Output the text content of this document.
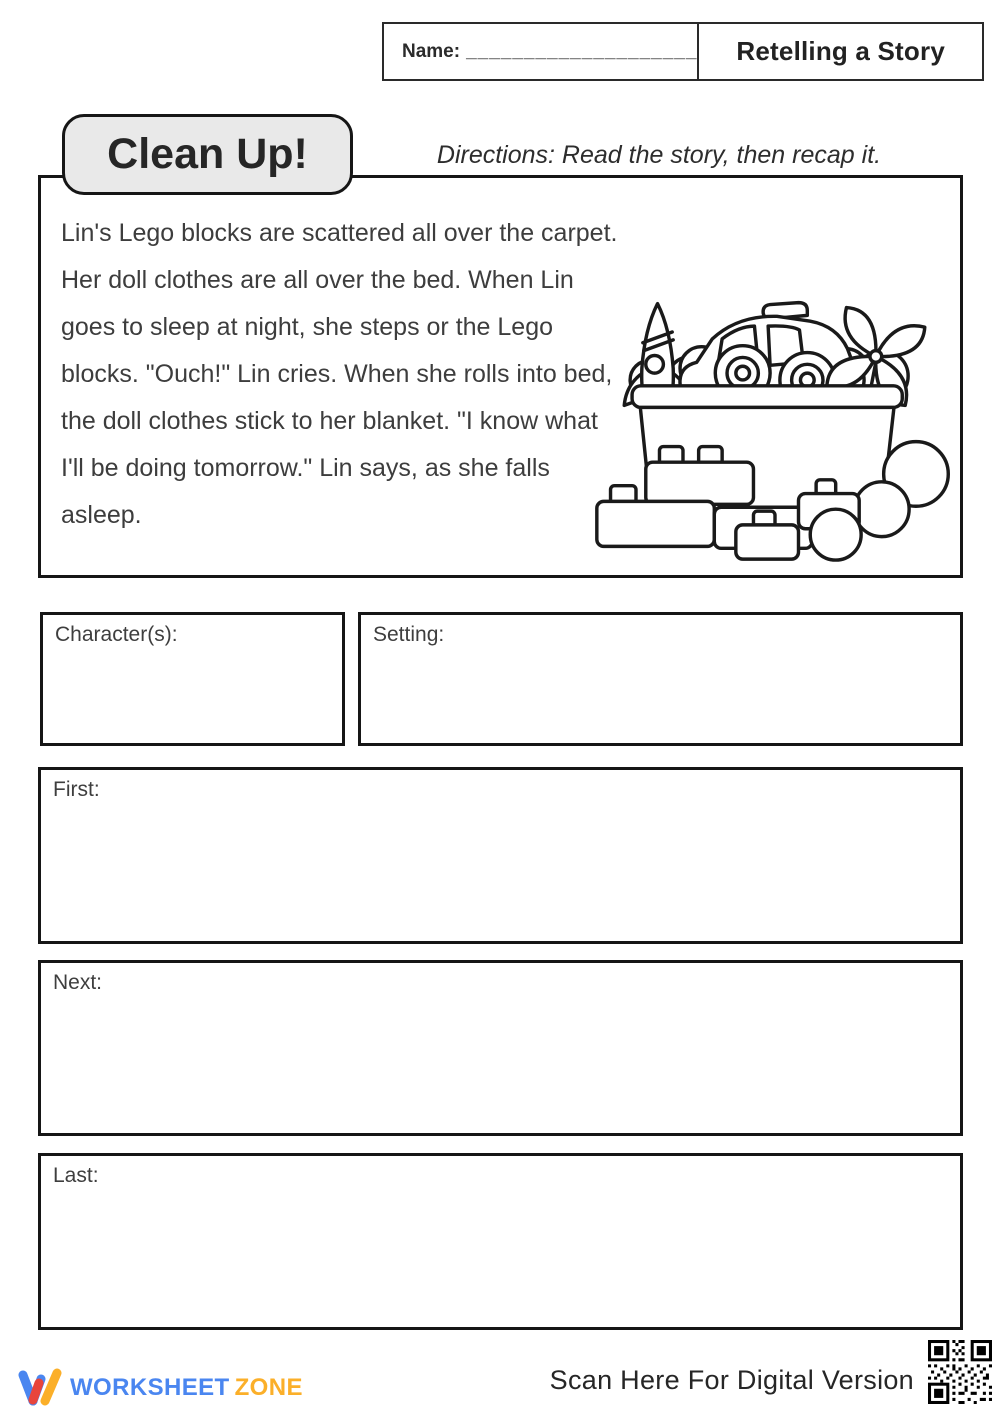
Name: ____________________	Retelling a Story
Clean Up!	Directions: Read the story, then recap it.
Lin's Lego blocks are scattered all over the carpet. Her doll clothes are all over the bed. When Lin goes to sleep at night, she steps or the Lego blocks. "Ouch!" Lin cries. When she rolls into bed, the doll clothes stick to her blanket. "I know what I'll be doing tomorrow." Lin says, as she falls asleep.
Character(s):	Setting:
First:
Next:
Last:
WORKSHEET ZONE	Scan Here For Digital Version
